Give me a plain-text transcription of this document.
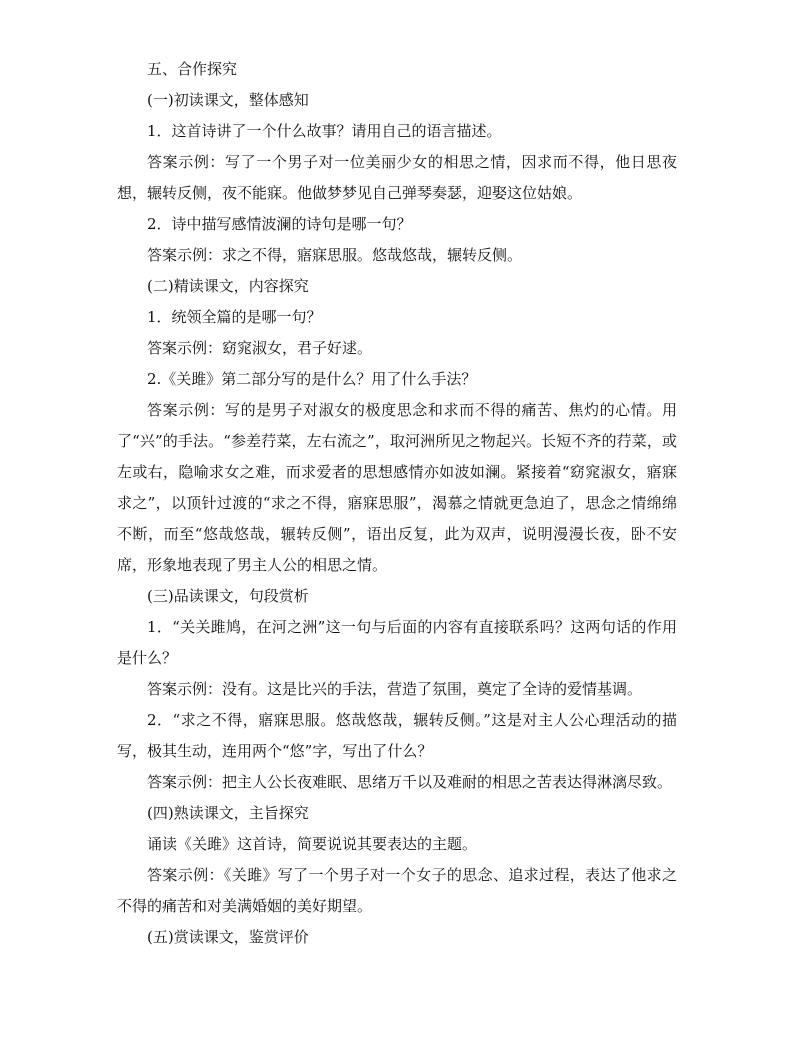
五、合作探究

(一)初读课文，整体感知

1．这首诗讲了一个什么故事？请用自己的语言描述。

答案示例：写了一个男子对一位美丽少女的相思之情，因求而不得，他日思夜想，辗转反侧，夜不能寐。他做梦梦见自己弹琴奏瑟，迎娶这位姑娘。

2．诗中描写感情波澜的诗句是哪一句？

答案示例：求之不得，寤寐思服。悠哉悠哉，辗转反侧。

(二)精读课文，内容探究

1．统领全篇的是哪一句？

答案示例：窈窕淑女，君子好逑。

2.《关雎》第二部分写的是什么？用了什么手法？

答案示例：写的是男子对淑女的极度思念和求而不得的痛苦、焦灼的心情。用了“兴”的手法。“参差荇菜，左右流之”，取河洲所见之物起兴。长短不齐的荇菜，或左或右，隐喻求女之难，而求爱者的思想感情亦如波如澜。紧接着“窈窕淑女，寤寐求之”，以顶针过渡的“求之不得，寤寐思服”，渴慕之情就更急迫了，思念之情绵绵不断，而至“悠哉悠哉，辗转反侧”，语出反复，此为双声，说明漫漫长夜，卧不安席，形象地表现了男主人公的相思之情。

(三)品读课文，句段赏析

1．“关关雎鸠，在河之洲”这一句与后面的内容有直接联系吗？这两句话的作用是什么？

答案示例：没有。这是比兴的手法，营造了氛围，奠定了全诗的爱情基调。

2．“求之不得，寤寐思服。悠哉悠哉，辗转反侧。”这是对主人公心理活动的描写，极其生动，连用两个“悠”字，写出了什么？

答案示例：把主人公长夜难眠、思绪万千以及难耐的相思之苦表达得淋漓尽致。

(四)熟读课文，主旨探究

诵读《关雎》这首诗，简要说说其要表达的主题。

答案示例：《关雎》写了一个男子对一个女子的思念、追求过程，表达了他求之不得的痛苦和对美满婚姻的美好期望。

(五)赏读课文，鉴赏评价
